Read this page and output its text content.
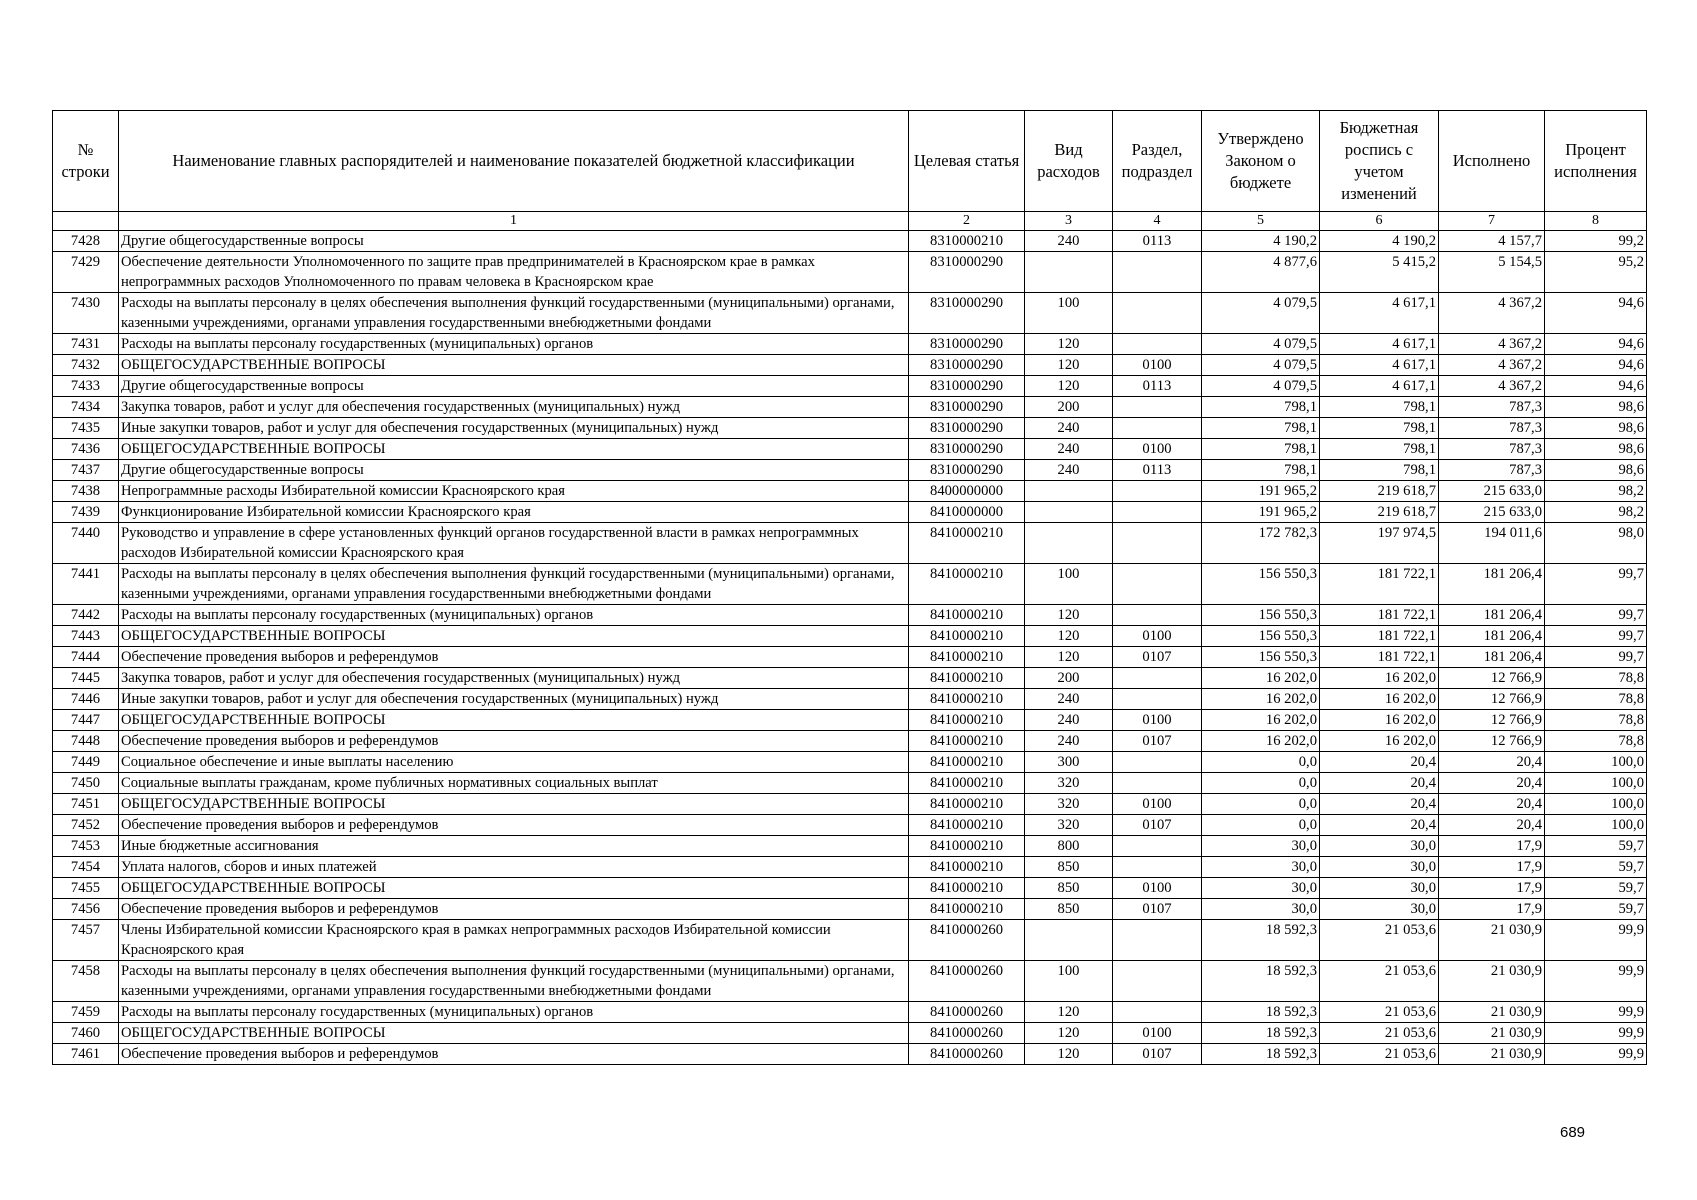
№ строки	Наименование главных распорядителей и наименование показателей бюджетной классификации	Целевая статья	Вид расходов	Раздел, подраздел	Утверждено Законом о бюджете	Бюджетная роспись с учетом изменений	Исполнено	Процент исполнения
	1	2	3	4	5	6	7	8
7428	Другие общегосударственные вопросы	8310000210	240	0113	4 190,2	4 190,2	4 157,7	99,2
7429	Обеспечение деятельности Уполномоченного по защите прав предпринимателей в Красноярском крае в рамках непрограммных расходов Уполномоченного по правам человека в Красноярском крае	8310000290			4 877,6	5 415,2	5 154,5	95,2
7430	Расходы на выплаты персоналу в целях обеспечения выполнения функций государственными (муниципальными) органами, казенными учреждениями, органами управления государственными внебюджетными фондами	8310000290	100		4 079,5	4 617,1	4 367,2	94,6
7431	Расходы на выплаты персоналу государственных (муниципальных) органов	8310000290	120		4 079,5	4 617,1	4 367,2	94,6
7432	ОБЩЕГОСУДАРСТВЕННЫЕ ВОПРОСЫ	8310000290	120	0100	4 079,5	4 617,1	4 367,2	94,6
7433	Другие общегосударственные вопросы	8310000290	120	0113	4 079,5	4 617,1	4 367,2	94,6
7434	Закупка товаров, работ и услуг для обеспечения государственных (муниципальных) нужд	8310000290	200		798,1	798,1	787,3	98,6
7435	Иные закупки товаров, работ и услуг для обеспечения государственных (муниципальных) нужд	8310000290	240		798,1	798,1	787,3	98,6
7436	ОБЩЕГОСУДАРСТВЕННЫЕ ВОПРОСЫ	8310000290	240	0100	798,1	798,1	787,3	98,6
7437	Другие общегосударственные вопросы	8310000290	240	0113	798,1	798,1	787,3	98,6
7438	Непрограммные расходы Избирательной комиссии Красноярского края	8400000000			191 965,2	219 618,7	215 633,0	98,2
7439	Функционирование Избирательной комиссии Красноярского края	8410000000			191 965,2	219 618,7	215 633,0	98,2
7440	Руководство и управление в сфере установленных функций органов государственной власти в рамках непрограммных расходов Избирательной комиссии Красноярского края	8410000210			172 782,3	197 974,5	194 011,6	98,0
7441	Расходы на выплаты персоналу в целях обеспечения выполнения функций государственными (муниципальными) органами, казенными учреждениями, органами управления государственными внебюджетными фондами	8410000210	100		156 550,3	181 722,1	181 206,4	99,7
7442	Расходы на выплаты персоналу государственных (муниципальных) органов	8410000210	120		156 550,3	181 722,1	181 206,4	99,7
7443	ОБЩЕГОСУДАРСТВЕННЫЕ ВОПРОСЫ	8410000210	120	0100	156 550,3	181 722,1	181 206,4	99,7
7444	Обеспечение проведения выборов и референдумов	8410000210	120	0107	156 550,3	181 722,1	181 206,4	99,7
7445	Закупка товаров, работ и услуг для обеспечения государственных (муниципальных) нужд	8410000210	200		16 202,0	16 202,0	12 766,9	78,8
7446	Иные закупки товаров, работ и услуг для обеспечения государственных (муниципальных) нужд	8410000210	240		16 202,0	16 202,0	12 766,9	78,8
7447	ОБЩЕГОСУДАРСТВЕННЫЕ ВОПРОСЫ	8410000210	240	0100	16 202,0	16 202,0	12 766,9	78,8
7448	Обеспечение проведения выборов и референдумов	8410000210	240	0107	16 202,0	16 202,0	12 766,9	78,8
7449	Социальное обеспечение и иные выплаты населению	8410000210	300		0,0	20,4	20,4	100,0
7450	Социальные выплаты гражданам, кроме публичных нормативных социальных выплат	8410000210	320		0,0	20,4	20,4	100,0
7451	ОБЩЕГОСУДАРСТВЕННЫЕ ВОПРОСЫ	8410000210	320	0100	0,0	20,4	20,4	100,0
7452	Обеспечение проведения выборов и референдумов	8410000210	320	0107	0,0	20,4	20,4	100,0
7453	Иные бюджетные ассигнования	8410000210	800		30,0	30,0	17,9	59,7
7454	Уплата налогов, сборов и иных платежей	8410000210	850		30,0	30,0	17,9	59,7
7455	ОБЩЕГОСУДАРСТВЕННЫЕ ВОПРОСЫ	8410000210	850	0100	30,0	30,0	17,9	59,7
7456	Обеспечение проведения выборов и референдумов	8410000210	850	0107	30,0	30,0	17,9	59,7
7457	Члены Избирательной комиссии Красноярского края в рамках непрограммных расходов Избирательной комиссии Красноярского края	8410000260			18 592,3	21 053,6	21 030,9	99,9
7458	Расходы на выплаты персоналу в целях обеспечения выполнения функций государственными (муниципальными) органами, казенными учреждениями, органами управления государственными внебюджетными фондами	8410000260	100		18 592,3	21 053,6	21 030,9	99,9
7459	Расходы на выплаты персоналу государственных (муниципальных) органов	8410000260	120		18 592,3	21 053,6	21 030,9	99,9
7460	ОБЩЕГОСУДАРСТВЕННЫЕ ВОПРОСЫ	8410000260	120	0100	18 592,3	21 053,6	21 030,9	99,9
7461	Обеспечение проведения выборов и референдумов	8410000260	120	0107	18 592,3	21 053,6	21 030,9	99,9
689
